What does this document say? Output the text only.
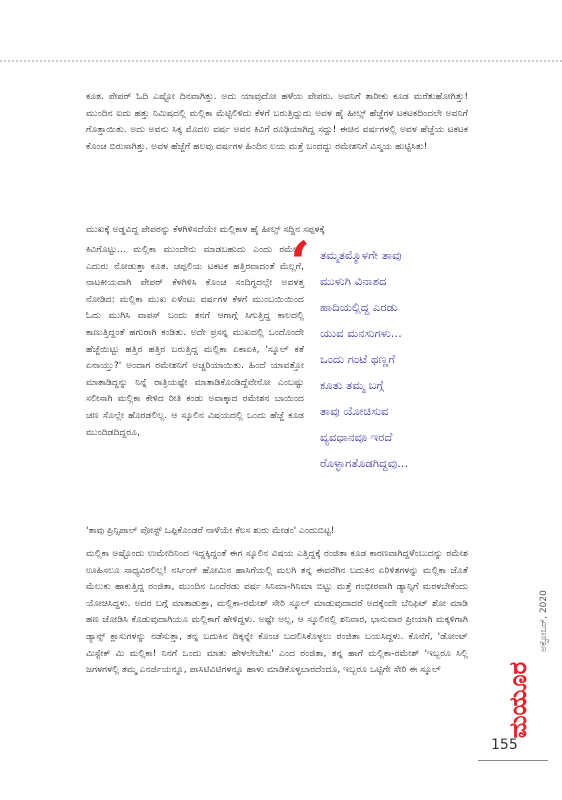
ಕೂತ. ಪೇಪರ್ ಓದಿ ಎಷ್ಟೋ ದಿನವಾಗಿತ್ತು. ಅದು ಯಾವುದೋ ಹಳೆಯ ಪೇಪರು. ಅವನಿಗೆ ತಾರೀಕು ಕೂಡ ಮರೆತುಹೋಗಿತ್ತು! ಮುಂದಿನ ಐದು ಹತ್ತು ನಿಮಿಷದಲ್ಲಿ ಮಲ್ಲಿಕಾ ಮೆಟ್ಟಿಲಿಳಿದು ಕೆಳಗೆ ಬರುತ್ತಿದ್ದುದು ಅವಳ ಹೈ ಹೀಲ್ಸ್ ಹೆಜ್ಜೆಗಳ ಟಕಟಕದಿಂದಲೇ ಅವನಿಗೆ ಗೊತ್ತಾಯಿತು. ಅದು ಅವನು ಸಿಕ್ಕ ಮೊದಲ ವರ್ಷ ಅವನ ಕಿವಿಗೆ ರೂಢಿಯಾಗಿದ್ದ ಸದ್ದು! ಈಚಿನ ವರ್ಷಗಳಲ್ಲಿ ಅವಳ ಹೆಜ್ಜೆಯ ಟಕಟಕ ಕೊಂಚ ಬಿರುಸಾಗಿತ್ತು. ಅವಳ ಹೆಜ್ಜೆಗೆ ಹಲವು ವರ್ಷಗಳ ಹಿಂದಿನ ಲಯ ಮತ್ತೆ ಬಂದದ್ದು ರಮೇಶನಿಗೆ ವಿಸ್ಮಯ ಹುಟ್ಟಿಸಿತು!

ಮುಖಕ್ಕೆ ಅಡ್ಡವಿದ್ದ ಪೇಪರನ್ನು ಕೆಳಗಿಳಿಸದೆಯೇ ಮಲ್ಲಿಕಾಳ ಹೈ ಹೀಲ್ಸ್ ಸದ್ದಿನ ಸಪ್ಪಳಕ್ಕೆ

ಕಿವಿಗೊಟ್ಟು... ಮಲ್ಲಿಕಾ ಮುಂದೇನು ಮಾಡಬಹುದು ಎಂದು ರಮೇಶ್ ಎದುರು ನೋಡುತ್ತಾ ಕೂತ. ಚಪ್ಪಲಿಯ ಟಕಟಕ ಹತ್ತಿರವಾದಂತೆ ಮೆಲ್ಲಗೆ, ನಾಟಕೀಯವಾಗಿ ಪೇಪರ್ ಕೆಳಗಿಳಿಸಿ ಕೊಂಚ ಸಂದಿಗ್ಧದಲ್ಲೇ ಅವಳತ್ತ ನೋಡಿದ: ಮಲ್ಲಿಕಾ ಮುಖ ಏಳೆಂಟು ವರ್ಷಗಳ ಕೆಳಗೆ ಮುಂಬಯಿಯಿಂದ ಓದು ಮುಗಿಸಿ ವಾಪಸ್ ಬಂದು ತನಗೆ ಆಗಾಗ್ಗೆ ಸಿಗುತ್ತಿದ್ದ ಕಾಲದಲ್ಲಿ ಕಾಣುತ್ತಿದ್ದಂತೆ ಹಗುರಾಗಿ ಕಂಡಿತು. ಅದೇ ಪ್ರಸನ್ನ ಮುಖದಲ್ಲಿ ಒಂದೊಂದೇ ಹೆಜ್ಜೆಯಿಟ್ಟು ಹತ್ತಿರ ಹತ್ತಿರ ಬರುತ್ತಿದ್ದ ಮಲ್ಲಿಕಾ ಏಕಾಏಕಿ, 'ಸ್ಕೂಲ್ ಕತೆ ಏನಾಯ್ತು?' ಅಂದಾಗ ರಮೇಶನಿಗೆ ಅಚ್ಚರಿಯಾಯಿತು. ಹಿಂದೆ ಯಾವತ್ತೋ ಮಾತಾಡಿದ್ದನ್ನು ನಿನ್ನೆ ರಾತ್ರಿಯಷ್ಟೇ ಮಾತಾಡಿಕೊಂಡಿದ್ದೆವೇನೋ ಎಂಬಷ್ಟು ಸಲೀಸಾಗಿ ಮಲ್ಲಿಕಾ ಕೇಳಿದ ರೀತಿ ಕಂಡು ಅವಾಕ್ಕಾದ ರಮೇಶನ ಬಾಯಿಂದ ಚಣ ಸೊಲ್ಲೇ ಹೊರಡಲಿಲ್ಲ. ಆ ಸ್ಕೂಲಿನ ವಿಷಯದಲ್ಲಿ ಒಂದು ಹೆಜ್ಜೆ ಕೂಡ ಮುಂದಿಡದಿದ್ದರೂ,

‘ ತಮ್ಮತಮ್ಮೊಳಗೇ ತಾವು
ಮುಳುಗಿ ವಿನಾಶದ
ಹಾದಿಯಲ್ಲಿದ್ದ ಎರಡು
ಯುವ ಮನಸುಗಳು...
ಒಂದು ಗಂಟೆ ಥಣ್ಣಗೆ
ಕೂತು ತಮ್ಮ ಬಗ್ಗೆ
ತಾವು ಯೋಚಿಸುವ
ವ್ಯವಧಾನವೂ ಇರದೆ
ರೊಳ್ಳಾಗತೊಡಗಿದ್ದವು...

'ತಾವು ಪ್ರಿನ್ಸಿಪಾಲ್ ಪೋಸ್ಟ್ ಒಪ್ಪಿಕೊಂಡರೆ ನಾಳೆಯೇ ಕೆಲಸ ಶುರು ಮೇಡಂ' ಎಂದುಬಿಟ್ಟ!

ಮಲ್ಲಿಕಾ ಅಷ್ಟೊಂದು ಉಮೇದಿನಿಂದ ಇದ್ದಕ್ಕಿದ್ದಂತೆ ಈಗ ಸ್ಕೂಲಿನ ವಿಷಯ ಎತ್ತಿದ್ದಕ್ಕೆ ರಂಜಿತಾ ಕೂಡ ಕಾರಣವಾಗಿದ್ದಳೆಂಬುದನ್ನು ರಮೇಶ ಊಹಿಸಲೂ ಸಾಧ್ಯವಿರಲಿಲ್ಲ! ನರ್ಸಿಂಗ್ ಹೋಮಿನ ಹಾಸಿಗೆಯಲ್ಲಿ ಮಲಗಿ ತನ್ನ ಈವರೆಗಿನ ಬದುಕಿನ ಏರಿಳಿತಗಳನ್ನು ಮಲ್ಲಿಕಾ ಜೊತೆ ಮೆಲುಕು ಹಾಕುತ್ತಿದ್ದ ರಂಜಿತಾ, ಮುಂದಿನ ಒಂದೆರಡು ವರ್ಷ ಸಿನಿಮಾ-ಗಿನಿಮಾ ಬಿಟ್ಟು ಮತ್ತೆ ಗಂಭೀರವಾಗಿ ಡ್ಯಾನ್ಸಿಗೆ ಮರಳಬೇಕೆಂದು ಯೋಚಿಸಿದ್ದಳು. ಅದರ ಬಗ್ಗೆ ಮಾತಾಡುತ್ತಾ, ಮಲ್ಲಿಕಾ-ರಮೇಶ್ ಸೇರಿ ಸ್ಕೂಲ್ ಮಾಡುವುದಾದರೆ ಅದಕ್ಕೆಂದೇ ಬೆನಿಫಿಟ್ ಶೋ ಮಾಡಿ ಹಣ ಜೋಡಿಸಿ ಕೊಡುವುದಾಗಿಯೂ ಮಲ್ಲಿಕಾಗೆ ಹೇಳಿದ್ದಳು. ಅಷ್ಟೇ ಅಲ್ಲ, ಆ ಸ್ಕೂಲಿನಲ್ಲಿ ಶನಿವಾರ, ಭಾನುವಾರ ಪ್ರೀಯಾಗಿ ಮಕ್ಕಳಿಗಾಗಿ ಡ್ಯಾನ್ಸ್ ಕ್ಲಾಸುಗಳನ್ನು ನಡೆಸುತ್ತಾ, ತನ್ನ ಬದುಕಿನ ದಿಕ್ಕನ್ನೇ ಕೊಂಚ ಬದಲಿಸಿಕೊಳ್ಳಲು ರಂಜಿತಾ ಬಯಸಿದ್ದಳು. ಕೊನೆಗೆ, 'ಡೋಂಟ್ ಮಿಸ್ಟೇಕ್ ಮಿ ಮಲ್ಲಿಕಾ! ನಿನಗೆ ಒಂದು ಮಾತು ಹೇಳಲೇಬೇಕು' ಎಂದ ರಂಜಿತಾ, ತನ್ನ ಹಾಗೆ ಮಲ್ಲಿಕಾ-ರಮೇಶ್ 'ಇಬ್ಬರೂ ಸಿಲ್ಲಿ ಜಗಳಗಳಲ್ಲಿ ತಮ್ಮ ಎನರ್ಜಿಯನ್ನೂ, ಪಾಸಿಟಿವಿಟಿಗಳನ್ನೂ ಹಾಳು ಮಾಡಿಕೊಳ್ಳಬಾರದೆಂದೂ, ಇಬ್ಬರೂ ಒಟ್ಟಿಗೇ ಸೇರಿ ಈ ಸ್ಕೂಲ್

ಅಕ್ಟೋಬರ್, 2020
ಮಯೂರ
155
